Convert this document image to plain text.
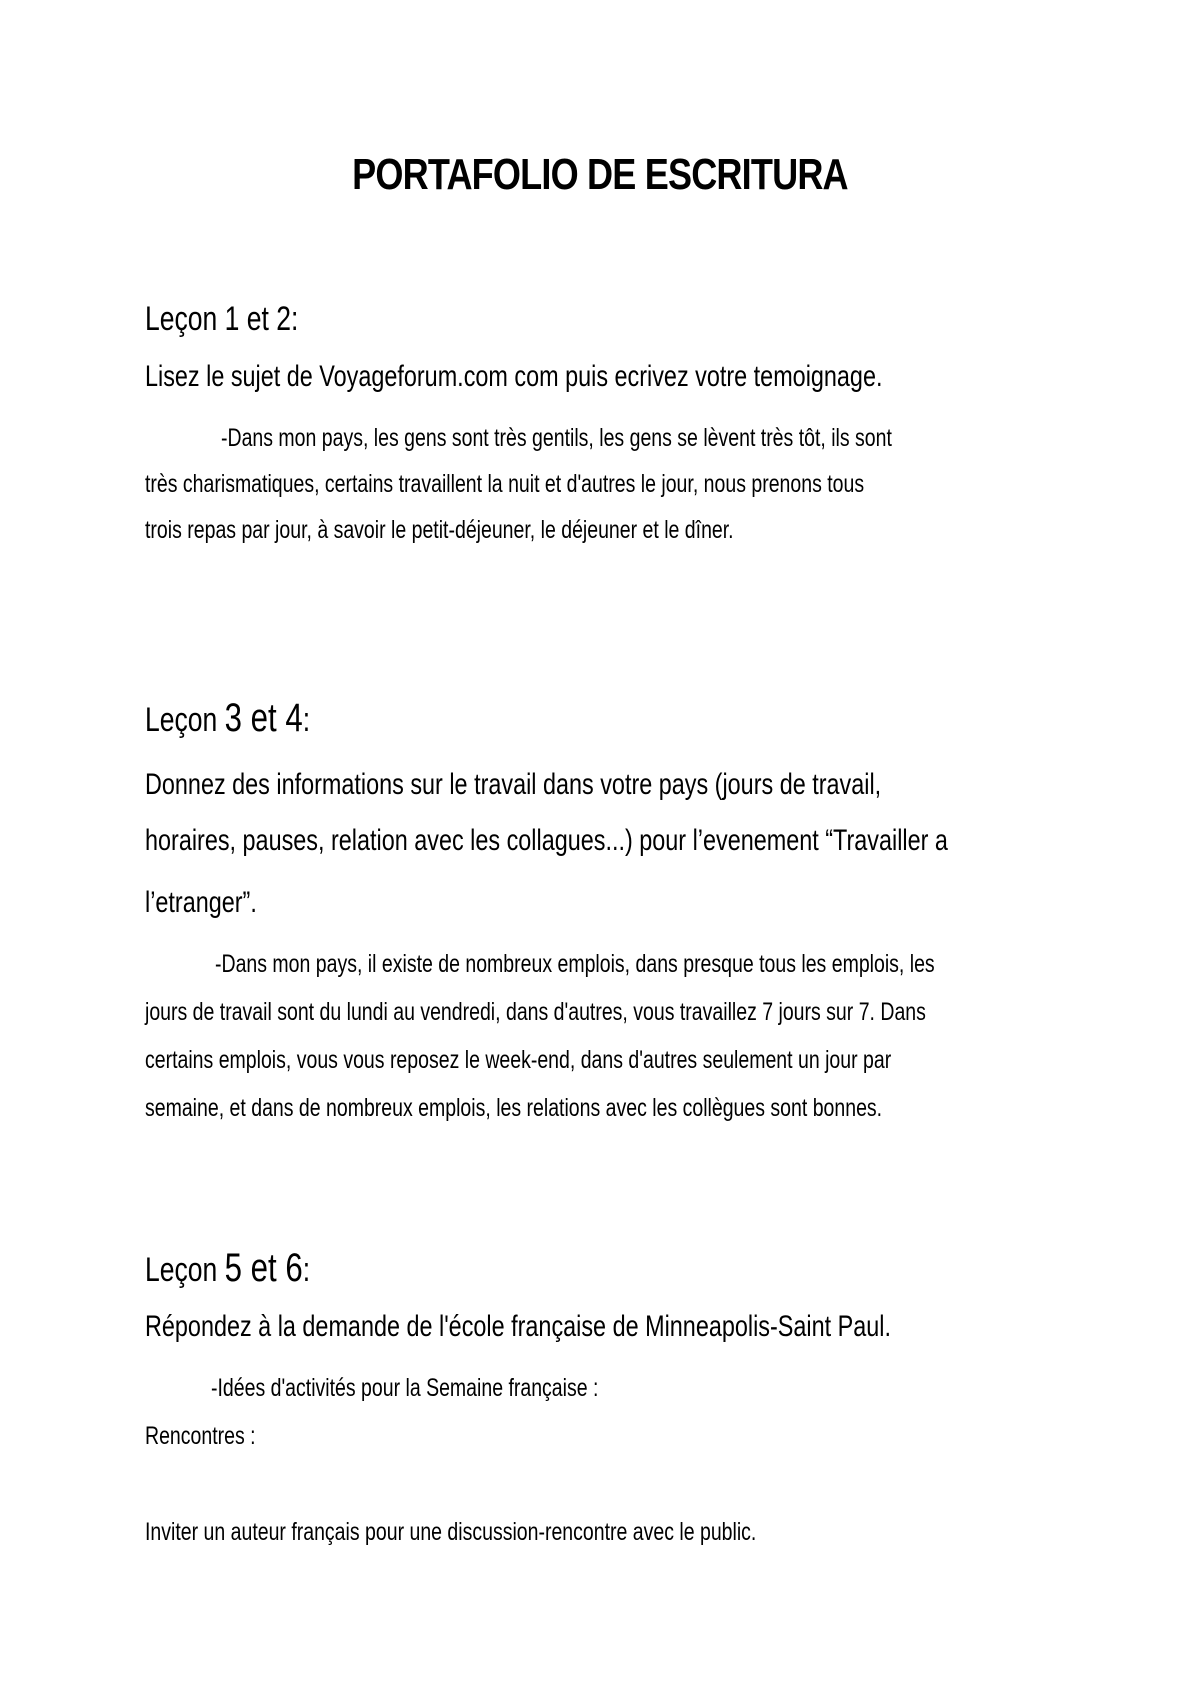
PORTAFOLIO DE ESCRITURA
Leçon 1 et 2:
Lisez le sujet de Voyageforum.com com puis ecrivez votre temoignage.
-Dans mon pays, les gens sont très gentils, les gens se lèvent très tôt, ils sont
très charismatiques, certains travaillent la nuit et d'autres le jour, nous prenons tous
trois repas par jour, à savoir le petit-déjeuner, le déjeuner et le dîner.
Leçon 3 et 4:
Donnez des informations sur le travail dans votre pays (jours de travail,
horaires, pauses, relation avec les collagues...) pour l’evenement “Travailler a
l’etranger”.
-Dans mon pays, il existe de nombreux emplois, dans presque tous les emplois, les
jours de travail sont du lundi au vendredi, dans d'autres, vous travaillez 7 jours sur 7. Dans
certains emplois, vous vous reposez le week-end, dans d'autres seulement un jour par
semaine, et dans de nombreux emplois, les relations avec les collègues sont bonnes.
Leçon 5 et 6:
Répondez à la demande de l'école française de Minneapolis-Saint Paul.
-Idées d'activités pour la Semaine française :
Rencontres :
Inviter un auteur français pour une discussion-rencontre avec le public.
